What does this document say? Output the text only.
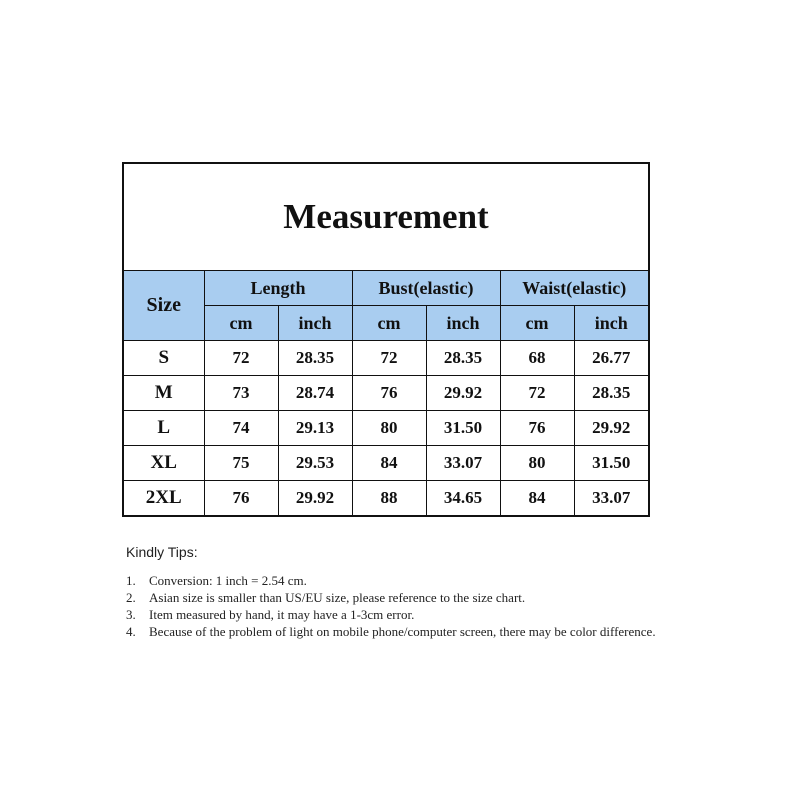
Measurement
Size	Length		Bust(elastic)		Waist(elastic)	
	cm	inch	cm	inch	cm	inch
S	72	28.35	72	28.35	68	26.77
M	73	28.74	76	29.92	72	28.35
L	74	29.13	80	31.50	76	29.92
XL	75	29.53	84	33.07	80	31.50
2XL	76	29.92	88	34.65	84	33.07
Kindly Tips:
1.	Conversion: 1 inch = 2.54 cm.
2.	Asian size is smaller than US/EU size, please reference to the size chart.
3.	Item measured by hand, it may have a 1-3cm error.
4.	Because of the problem of light on mobile phone/computer screen, there may be color difference.
